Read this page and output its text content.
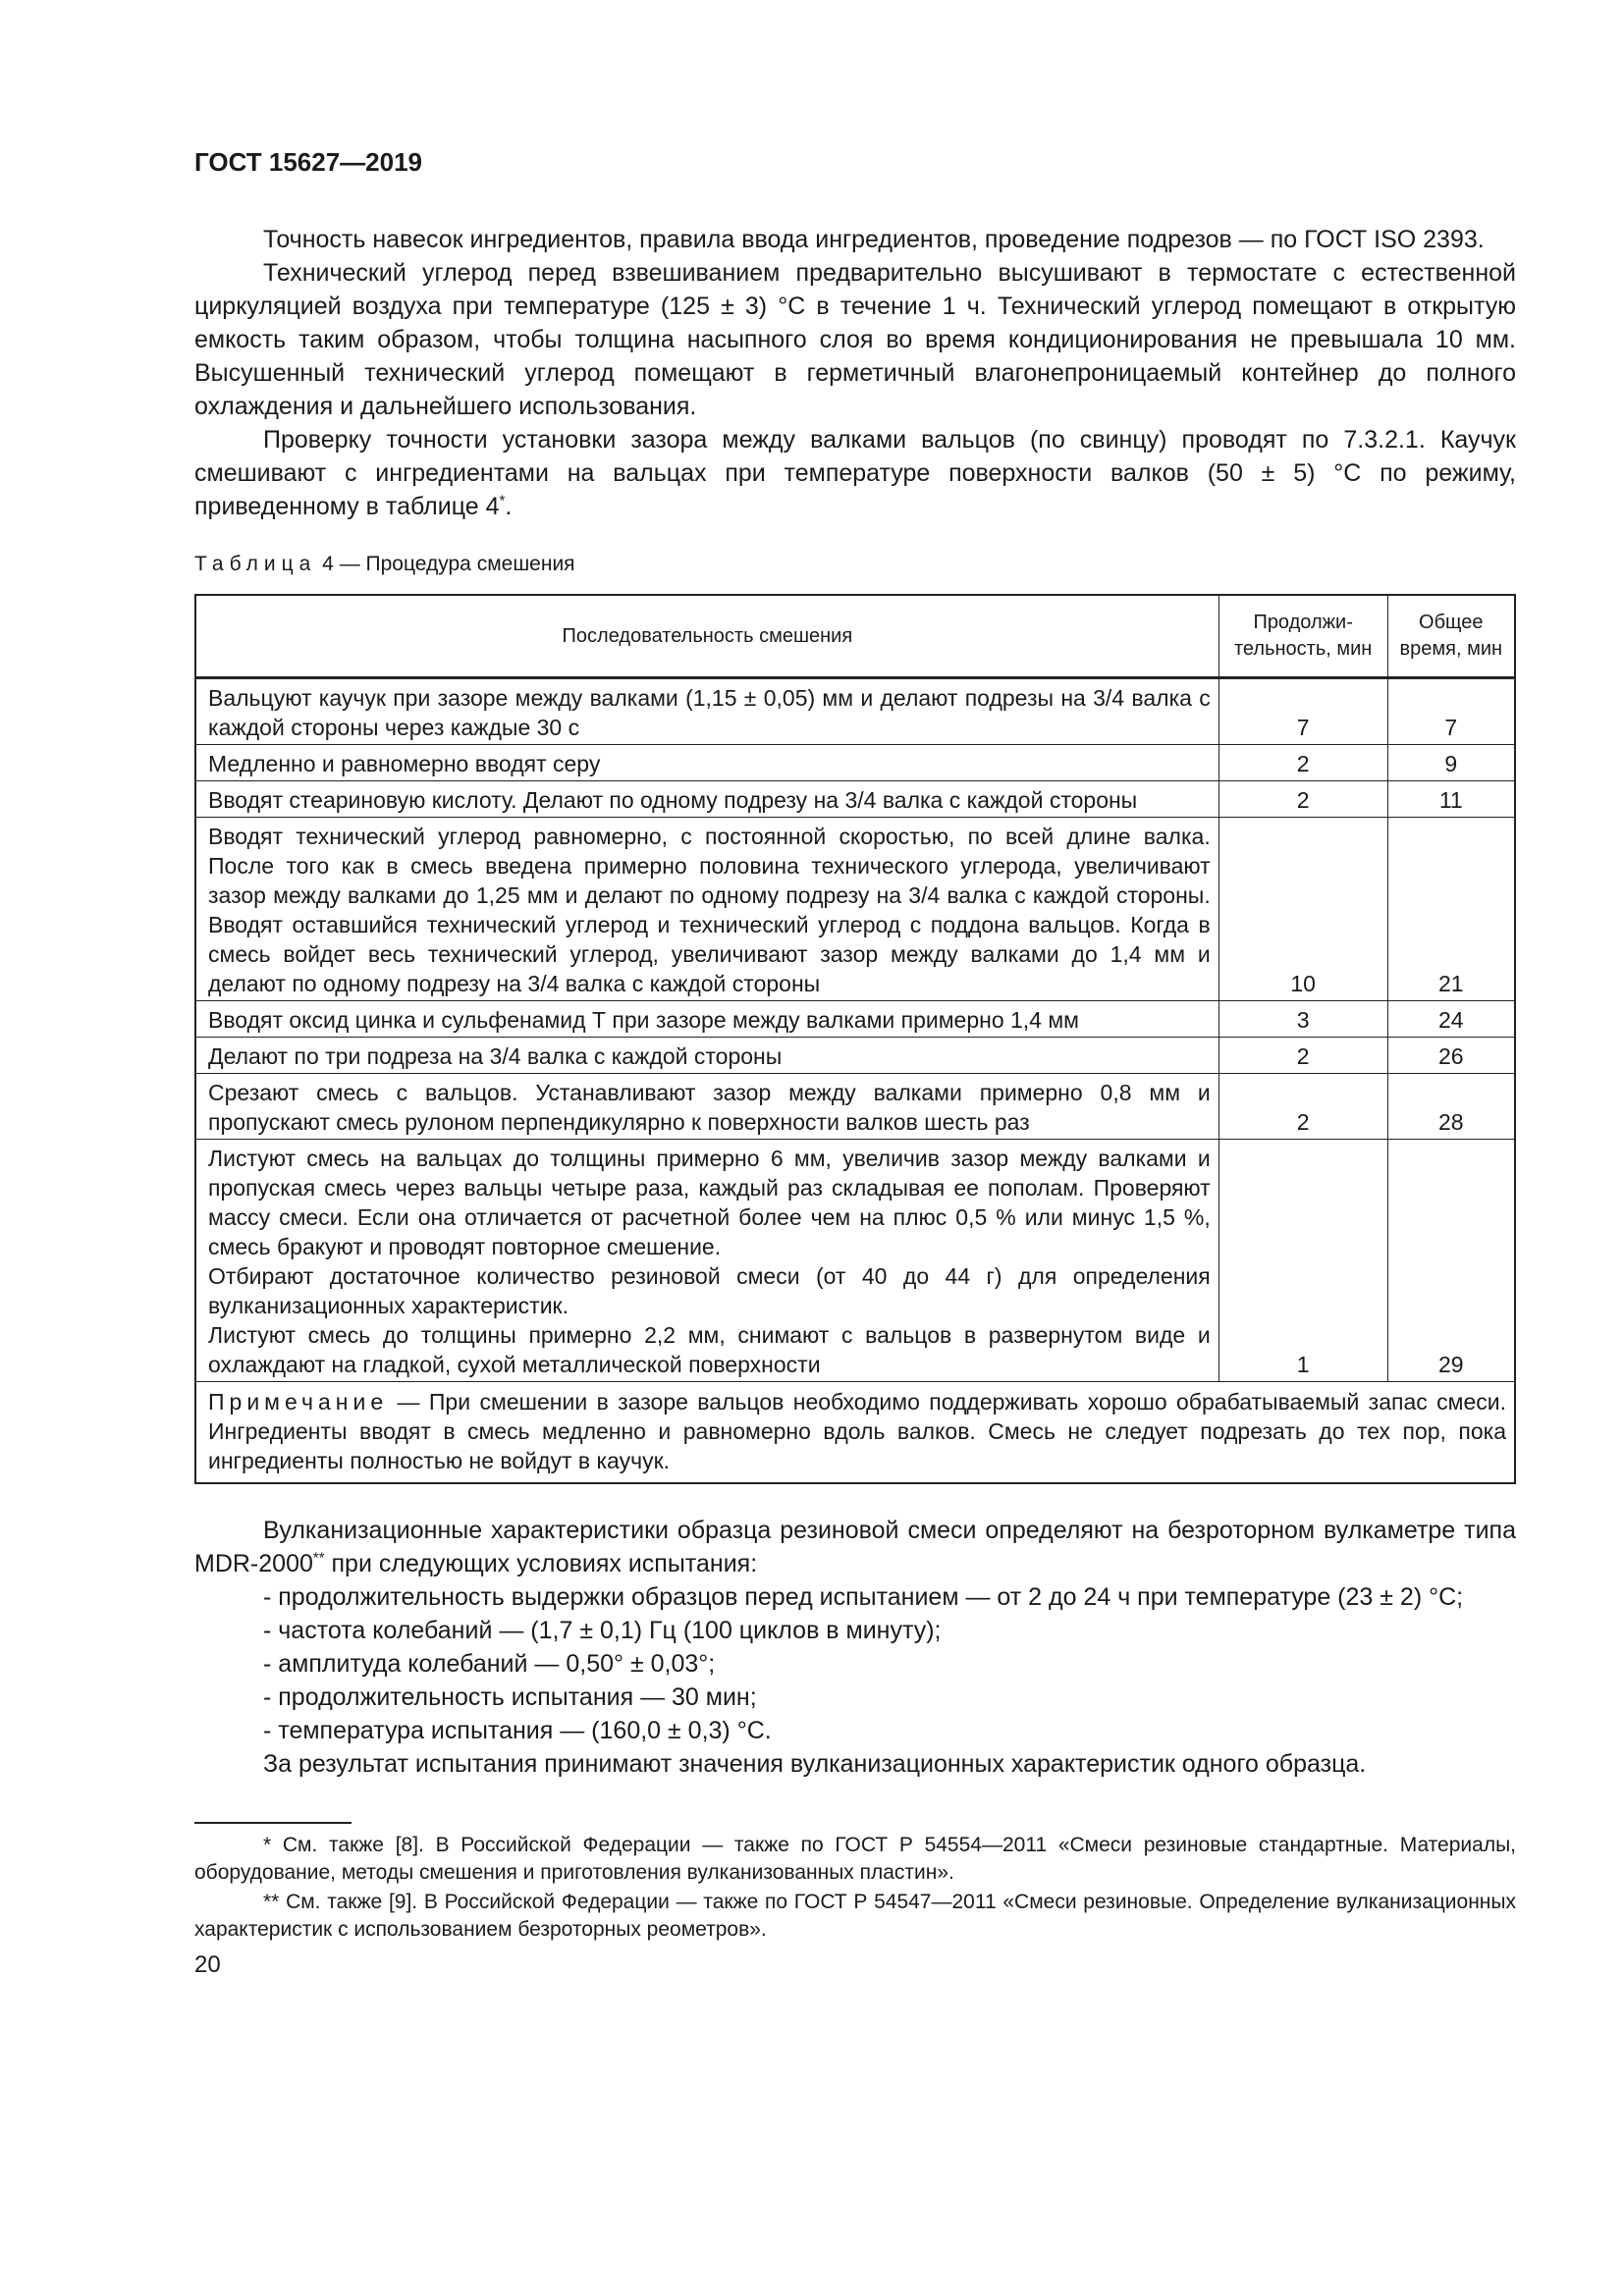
ГОСТ 15627—2019

Точность навесок ингредиентов, правила ввода ингредиентов, проведение подрезов — по ГОСТ ISO 2393.

Технический углерод перед взвешиванием предварительно высушивают в термостате с естественной циркуляцией воздуха при температуре (125 ± 3) °С в течение 1 ч. Технический углерод помещают в открытую емкость таким образом, чтобы толщина насыпного слоя во время кондиционирования не превышала 10 мм. Высушенный технический углерод помещают в герметичный влагонепроницаемый контейнер до полного охлаждения и дальнейшего использования.

Проверку точности установки зазора между валками вальцов (по свинцу) проводят по 7.3.2.1. Каучук смешивают с ингредиентами на вальцах при температуре поверхности валков (50 ± 5) °С по режиму, приведенному в таблице 4*.

Таблица 4 — Процедура смешения
Последовательность смешения	Продолжи-тельность, мин	Общее время, мин

Вальцуют каучук при зазоре между валками (1,15 ± 0,05) мм и делают подрезы на 3/4 валка с каждой стороны через каждые 30 с	7	7

Медленно и равномерно вводят серу	2	9

Вводят стеариновую кислоту. Делают по одному подрезу на 3/4 валка с каждой стороны	2	11

Вводят технический углерод равномерно, с постоянной скоростью, по всей длине валка. После того как в смесь введена примерно половина технического углерода, увеличивают зазор между валками до 1,25 мм и делают по одному подрезу на 3/4 валка с каждой стороны. Вводят оставшийся технический углерод и технический углерод с поддона вальцов. Когда в смесь войдет весь технический углерод, увеличивают зазор между валками до 1,4 мм и делают по одному подрезу на 3/4 валка с каждой стороны	10	21

Вводят оксид цинка и сульфенамид Т при зазоре между валками примерно 1,4 мм	3	24

Делают по три подреза на 3/4 валка с каждой стороны	2	26

Срезают смесь с вальцов. Устанавливают зазор между валками примерно 0,8 мм и пропускают смесь рулоном перпендикулярно к поверхности валков шесть раз	2	28

Листуют смесь на вальцах до толщины примерно 6 мм, увеличив зазор между валками и пропуская смесь через вальцы четыре раза, каждый раз складывая ее пополам. Проверяют массу смеси. Если она отличается от расчетной более чем на плюс 0,5 % или минус 1,5 %, смесь бракуют и проводят повторное смешение.
Отбирают достаточное количество резиновой смеси (от 40 до 44 г) для определения вулканизационных характеристик.
Листуют смесь до толщины примерно 2,2 мм, снимают с вальцов в развернутом виде и охлаждают на гладкой, сухой металлической поверхности	1	29
Примечание — При смешении в зазоре вальцов необходимо поддерживать хорошо обрабатываемый запас смеси. Ингредиенты вводят в смесь медленно и равномерно вдоль валков. Смесь не следует подрезать до тех пор, пока ингредиенты полностью не войдут в каучук.		

Вулканизационные характеристики образца резиновой смеси определяют на безроторном вулкаметре типа MDR-2000** при следующих условиях испытания:

- продолжительность выдержки образцов перед испытанием — от 2 до 24 ч при температуре (23 ± 2) °С;

- частота колебаний — (1,7 ± 0,1) Гц (100 циклов в минуту);

- амплитуда колебаний — 0,50° ± 0,03°;

- продолжительность испытания — 30 мин;

- температура испытания — (160,0 ± 0,3) °С.

За результат испытания принимают значения вулканизационных характеристик одного образца.

* См. также [8]. В Российской Федерации — также по ГОСТ Р 54554—2011 «Смеси резиновые стандартные. Материалы, оборудование, методы смешения и приготовления вулканизованных пластин».

** См. также [9]. В Российской Федерации — также по ГОСТ Р 54547—2011 «Смеси резиновые. Определение вулканизационных характеристик с использованием безроторных реометров».

20
